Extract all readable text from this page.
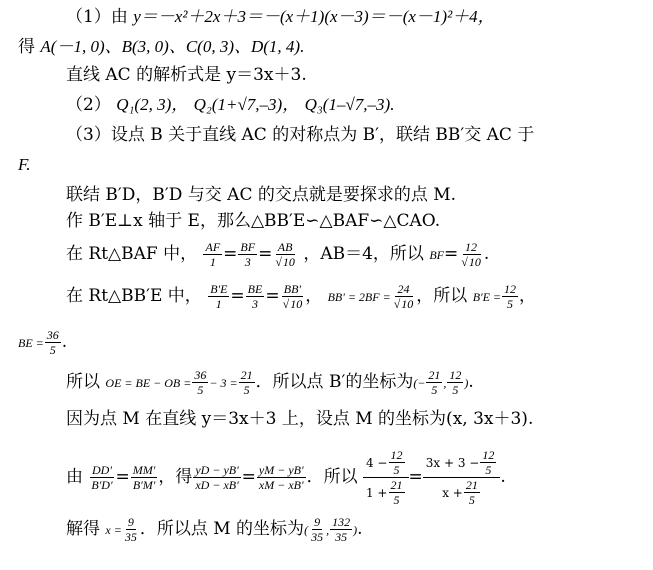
（1）由 y＝－x²＋2x＋3＝－(x＋1)(x－3)＝－(x－1)²＋4，
得 A(－1, 0)、B(3, 0)、C(0, 3)、D(1, 4).
直线 AC 的解析式是 y＝3x＋3.
（2） Q₁(2, 3)， Q₂(1+√7,–3)， Q₃(1–√7,–3).
（3）设点 B 关于直线 AC 的对称点为 B′，联结 BB′交 AC 于
F.
联结 B′D，B′D 与交 AC 的交点就是要探求的点 M.
作 B′E⊥x 轴于 E，那么△BB′E∽△BAF∽△CAO.
在 Rt△BAF 中， $\frac{AF}{1} = \frac{BF}{3}$ = AB
√ 10 ，AB＝4，所以 BF= 12
√ 10 .
在 Rt△BB′E 中， $\frac{B'E}{1} = \frac{BE}{3} = BB'$
√ 10 ， BB' = 2BF = 24
√ 10 ，所以 $B'E = \frac{12}{5}$ ，
BE = $\frac{36}{5}$ .
所以 OE = BE − OB = $\frac{36}{5} - 3 = \frac{21}{5}$ ．所以点 B′的坐标为(− $\frac{21}{5}$ , $\frac{12}{5}$ ).
因为点 M 在直线 y＝3x＋3 上，设点 M 的坐标为(x, 3x＋3).
由 $\frac{DD'}{B'D'} = \frac{MM'}{B'M'}$ ，得 $\frac{yD - yB'}{xD - xB'} = \frac{yM - yB'}{xM - xB'}$ ．所以 $\frac{4 - \frac{12}{5}}{1 + \frac{21}{5}} = \frac{3x + 3 - \frac{12}{5}}{x + \frac{21}{5}}$ .
解得 $x = \frac{9}{35}$ ．所以点 M 的坐标为( $\frac{9}{35}$ , $\frac{132}{35}$ ).
